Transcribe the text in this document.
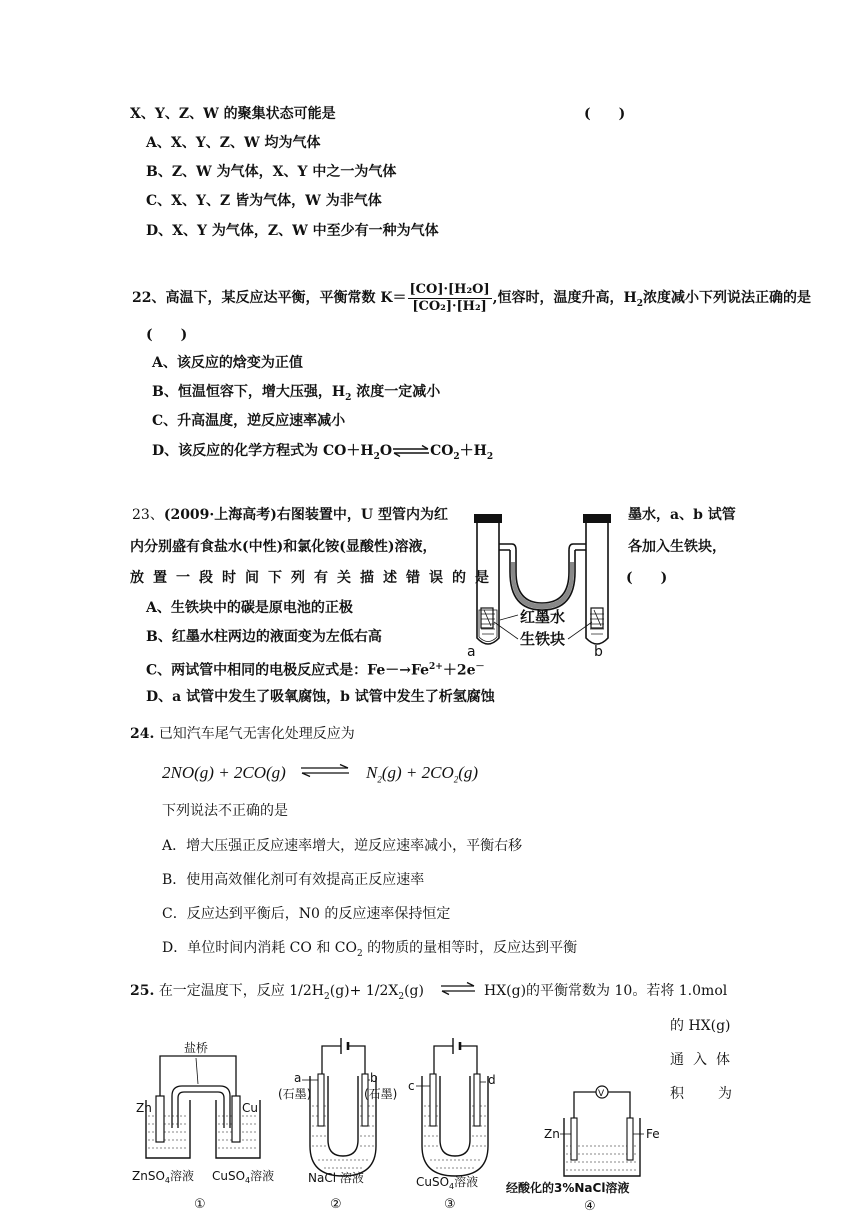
X、Y、Z、W 的聚集状态可能是	(　　)
A、X、Y、Z、W 均为气体
B、Z、W 为气体，X、Y 中之一为气体
C、X、Y、Z 皆为气体，W 为非气体
D、X、Y 为气体，Z、W 中至少有一种为气体
22、高温下，某反应达平衡，平衡常数 $K= \frac{\text{[CO]·[H₂O]}}{\text{[CO₂]·[H₂]}}$ ,恒容时，温度升高，$H_2$浓度减小下列说法正确的是
(　　)
A、该反应的焓变为正值
B、恒温恒容下，增大压强，$H_2$ 浓度一定减小
C、升高温度，逆反应速率减小
D、该反应的化学方程式为 $CO+H_2O\rightleftharpoons CO_2+H_2$
23、(2009·上海高考)右图装置中，U 型管内为红	墨水，a、b 试管
内分别盛有食盐水(中性)和氯化铵(显酸性)溶液，	各加入生铁块，
放置一段时间下列有关描述错误的是	(　　)
A、生铁块中的碳是原电池的正极
B、红墨水柱两边的液面变为左低右高
C、两试管中相同的电极反应式是：$Fe-\to Fe^{2+}+2e^-$
D、a 试管中发生了吸氧腐蚀，b 试管中发生了析氢腐蚀
红墨水
生铁块
a	b
24. 已知汽车尾气无害化处理反应为
2NO(g) + 2CO(g) ⇌ $N_2(g) + 2CO_2(g)$
下列说法不正确的是
A．增大压强正反应速率增大，逆反应速率减小，平衡右移
B．使用高效催化剂可有效提高正反应速率
C．反应达到平衡后，N0 的反应速率保持恒定
D．单位时间内消耗 CO 和 $CO_2$ 的物质的量相等时，反应达到平衡
25. 在一定温度下，反应 $1/2H_2(g)+ 1/2X_2(g)$ ⇌ HX(g)的平衡常数为 10。若将 1.0mol
的 HX(g)
通入体
积　　为
盐桥
Zn	Cu
ZnSO$_4$溶液 CuSO$_4$溶液
①
a
(石墨)
b
(石墨)
NaCl 溶液
②
c	d
CuSO$_4$溶液
③
V
Zn	Fe
经酸化的3%NaCl溶液
④
